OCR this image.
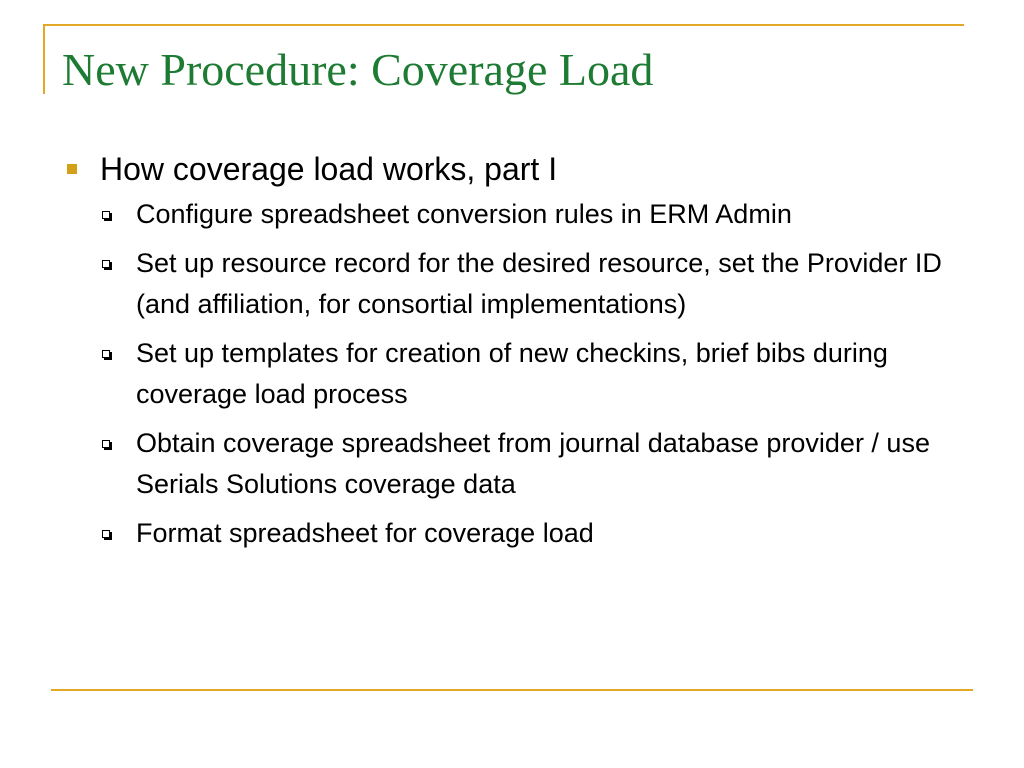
New Procedure: Coverage Load
How coverage load works, part I
Configure spreadsheet conversion rules in ERM Admin
Set up resource record for the desired resource, set the Provider ID (and affiliation, for consortial implementations)
Set up templates for creation of new checkins, brief bibs during coverage load process
Obtain coverage spreadsheet from journal database provider / use Serials Solutions coverage data
Format spreadsheet for coverage load
